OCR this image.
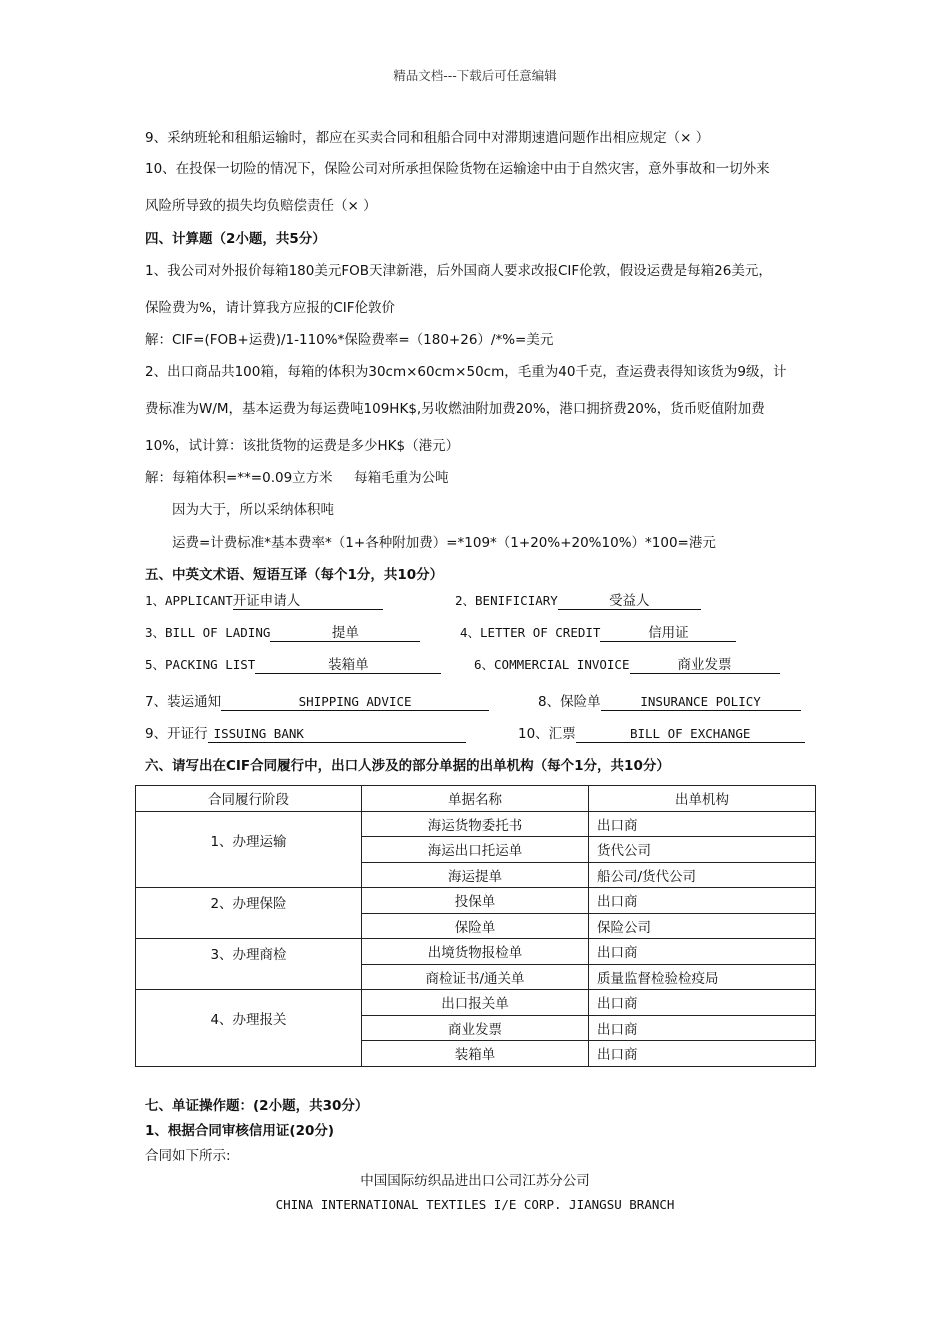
精品文档---下载后可任意编辑
9、采纳班轮和租船运输时，都应在买卖合同和租船合同中对滞期速遣问题作出相应规定（× ）
10、在投保一切险的情况下，保险公司对所承担保险货物在运输途中由于自然灾害，意外事故和一切外来
风险所导致的损失均负赔偿责任（× ）
四、计算题（2小题，共5分）
1、我公司对外报价每箱180美元FOB天津新港，后外国商人要求改报CIF伦敦，假设运费是每箱26美元，
保险费为%，请计算我方应报的CIF伦敦价
解：CIF=(FOB+运费)/1-110%*保险费率=（180+26）/*%=美元
2、出口商品共100箱，每箱的体积为30cm×60cm×50cm，毛重为40千克，查运费表得知该货为9级，计
费标准为W/M，基本运费为每运费吨109HK$,另收燃油附加费20%，港口拥挤费20%，货币贬值附加费
10%，试计算：该批货物的运费是多少HK$（港元）
解：每箱体积=**=0.09立方米     每箱毛重为公吨
因为大于，所以采纳体积吨
运费=计费标准*基本费率*（1+各种附加费）=*109*（1+20%+20%10%）*100=港元
五、中英文术语、短语互译（每个1分，共10分）
1、APPLICANT开证申请人	2、BENIFICIARY	受益人
3、BILL OF LADING	提单	4、LETTER OF CREDIT	信用证
5、PACKING LIST	装箱单	6、COMMERCIAL INVOICE	商业发票
7、装运通知	SHIPPING ADVICE	8、保险单	INSURANCE POLICY
9、开证行 ISSUING BANK	10、汇票	BILL OF EXCHANGE
六、请写出在CIF合同履行中，出口人涉及的部分单据的出单机构（每个1分，共10分）
合同履行阶段	单据名称	出单机构
1、办理运输	海运货物委托书	出口商
	海运出口托运单	货代公司
	海运提单	船公司/货代公司
2、办理保险	投保单	出口商
	保险单	保险公司
3、办理商检	出境货物报检单	出口商
	商检证书/通关单	质量监督检验检疫局
4、办理报关	出口报关单	出口商
	商业发票	出口商
	装箱单	出口商
七、单证操作题：(2小题，共30分）
1、根据合同审核信用证(20分)
合同如下所示:
中国国际纺织品进出口公司江苏分公司
CHINA INTERNATIONAL TEXTILES I/E CORP. JIANGSU BRANCH
